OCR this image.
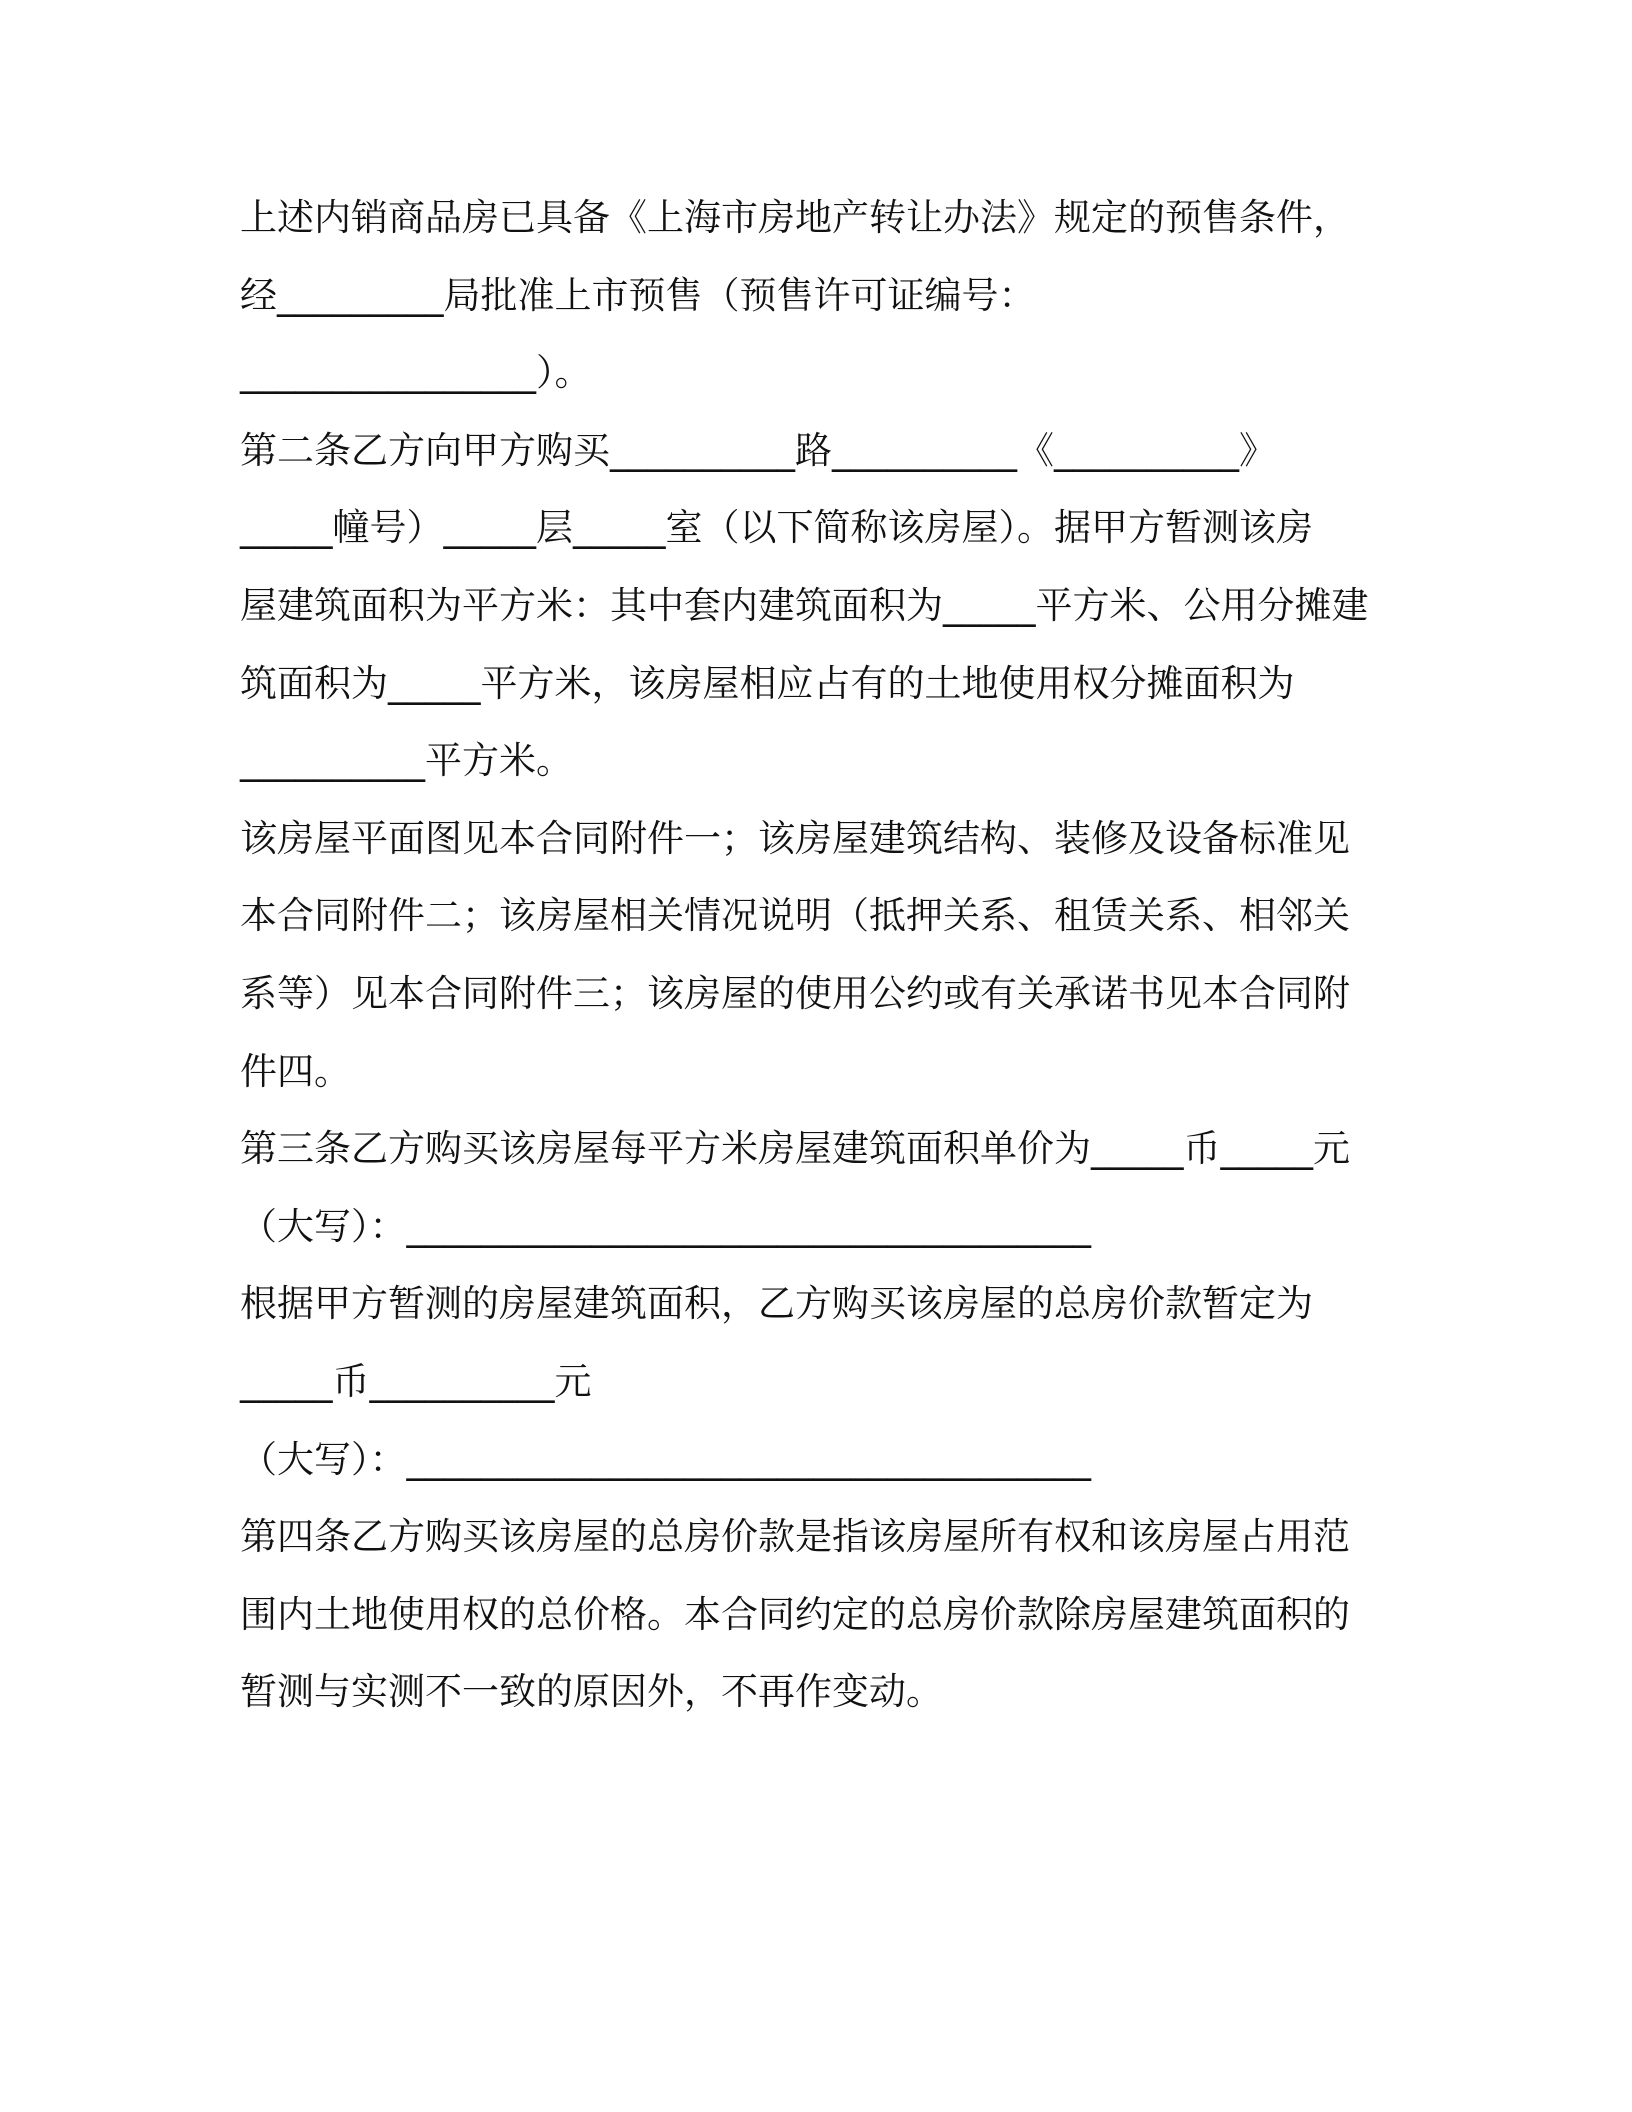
上述内销商品房已具备《上海市房地产转让办法》规定的预售条件，
经_________局批准上市预售（预售许可证编号：
________________）。
第二条乙方向甲方购买__________路__________《__________》
_____幢号）_____层_____室（以下简称该房屋）。据甲方暂测该房
屋建筑面积为平方米：其中套内建筑面积为_____平方米、公用分摊建
筑面积为_____平方米，该房屋相应占有的土地使用权分摊面积为
__________平方米。
该房屋平面图见本合同附件一；该房屋建筑结构、装修及设备标准见
本合同附件二；该房屋相关情况说明（抵押关系、租赁关系、相邻关
系等）见本合同附件三；该房屋的使用公约或有关承诺书见本合同附
件四。
第三条乙方购买该房屋每平方米房屋建筑面积单价为_____币_____元
（大写）：_____________________________________
根据甲方暂测的房屋建筑面积，乙方购买该房屋的总房价款暂定为
_____币__________元
（大写）：_____________________________________
第四条乙方购买该房屋的总房价款是指该房屋所有权和该房屋占用范
围内土地使用权的总价格。本合同约定的总房价款除房屋建筑面积的
暂测与实测不一致的原因外，不再作变动。
